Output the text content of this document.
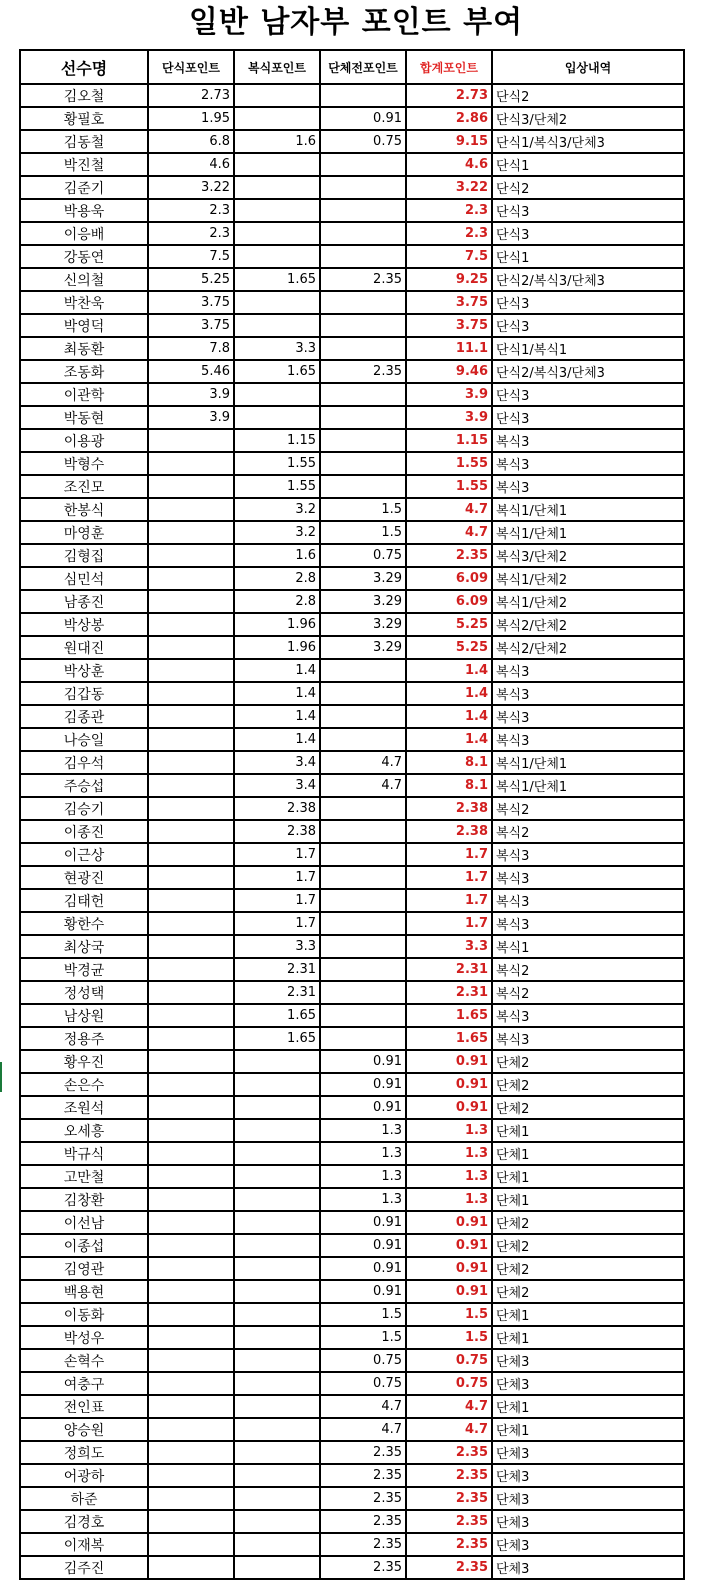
일반 남자부 포인트 부여
선수명	단식포인트	복식포인트	단체전포인트	합계포인트	입상내역
김오철	2.73			2.73	단식2
황필호	1.95		0.91	2.86	단식3/단체2
김동철	6.8	1.6	0.75	9.15	단식1/복식3/단체3
박진철	4.6			4.6	단식1
김준기	3.22			3.22	단식2
박용욱	2.3			2.3	단식3
이응배	2.3			2.3	단식3
강동연	7.5			7.5	단식1
신의철	5.25	1.65	2.35	9.25	단식2/복식3/단체3
박찬욱	3.75			3.75	단식3
박영덕	3.75			3.75	단식3
최동환	7.8	3.3		11.1	단식1/복식1
조동화	5.46	1.65	2.35	9.46	단식2/복식3/단체3
이관학	3.9			3.9	단식3
박동현	3.9			3.9	단식3
이용광		1.15		1.15	복식3
박형수		1.55		1.55	복식3
조진모		1.55		1.55	복식3
한봉식		3.2	1.5	4.7	복식1/단체1
마영훈		3.2	1.5	4.7	복식1/단체1
김형집		1.6	0.75	2.35	복식3/단체2
심민석		2.8	3.29	6.09	복식1/단체2
남종진		2.8	3.29	6.09	복식1/단체2
박상봉		1.96	3.29	5.25	복식2/단체2
원대진		1.96	3.29	5.25	복식2/단체2
박상훈		1.4		1.4	복식3
김갑동		1.4		1.4	복식3
김종관		1.4		1.4	복식3
나승일		1.4		1.4	복식3
김우석		3.4	4.7	8.1	복식1/단체1
주승섭		3.4	4.7	8.1	복식1/단체1
김승기		2.38		2.38	복식2
이종진		2.38		2.38	복식2
이근상		1.7		1.7	복식3
현광진		1.7		1.7	복식3
김태헌		1.7		1.7	복식3
황한수		1.7		1.7	복식3
최상국		3.3		3.3	복식1
박경균		2.31		2.31	복식2
정성택		2.31		2.31	복식2
남상원		1.65		1.65	복식3
정용주		1.65		1.65	복식3
황우진			0.91	0.91	단체2
손은수			0.91	0.91	단체2
조원석			0.91	0.91	단체2
오세흥			1.3	1.3	단체1
박규식			1.3	1.3	단체1
고만철			1.3	1.3	단체1
김창환			1.3	1.3	단체1
이선남			0.91	0.91	단체2
이종섭			0.91	0.91	단체2
김영관			0.91	0.91	단체2
백용현			0.91	0.91	단체2
이동화			1.5	1.5	단체1
박성우			1.5	1.5	단체1
손혁수			0.75	0.75	단체3
여충구			0.75	0.75	단체3
전인표			4.7	4.7	단체1
양승원			4.7	4.7	단체1
정희도			2.35	2.35	단체3
어광하			2.35	2.35	단체3
하준			2.35	2.35	단체3
김경호			2.35	2.35	단체3
이재복			2.35	2.35	단체3
김주진			2.35	2.35	단체3
